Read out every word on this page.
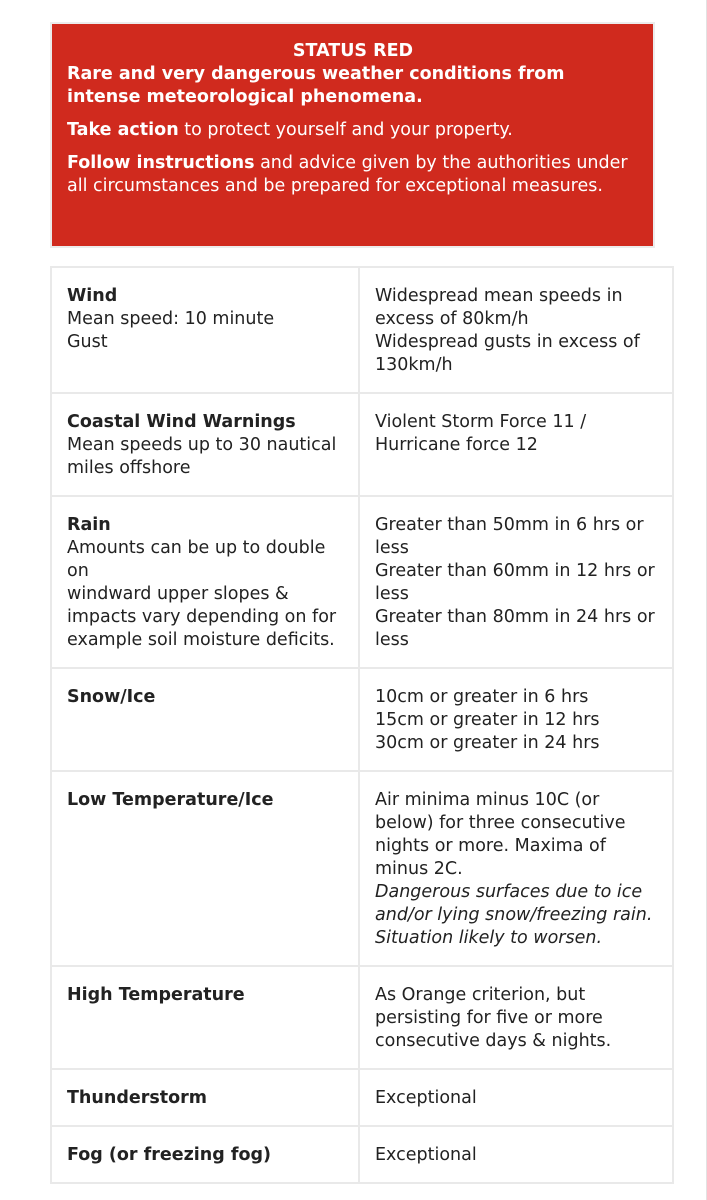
STATUS RED
Rare and very dangerous weather conditions from intense meteorological phenomena.

Take action to protect yourself and your property.

Follow instructions and advice given by the authorities under all circumstances and be prepared for exceptional measures.

Wind
Mean speed: 10 minute
Gust	Widespread mean speeds in excess of 80km/h
Widespread gusts in excess of 130km/h

Coastal Wind Warnings
Mean speeds up to 30 nautical miles offshore	Violent Storm Force 11 / Hurricane force 12

Rain
Amounts can be up to double on
windward upper slopes & impacts vary depending on for example soil moisture deficits.	Greater than 50mm in 6 hrs or less
Greater than 60mm in 12 hrs or less
Greater than 80mm in 24 hrs or less

Snow/Ice	10cm or greater in 6 hrs
15cm or greater in 12 hrs
30cm or greater in 24 hrs

Low Temperature/Ice	Air minima minus 10C (or below) for three consecutive nights or more. Maxima of minus 2C.
Dangerous surfaces due to ice and/or lying snow/freezing rain. Situation likely to worsen.

High Temperature	As Orange criterion, but persisting for five or more consecutive days & nights.

Thunderstorm	Exceptional

Fog (or freezing fog)	Exceptional
